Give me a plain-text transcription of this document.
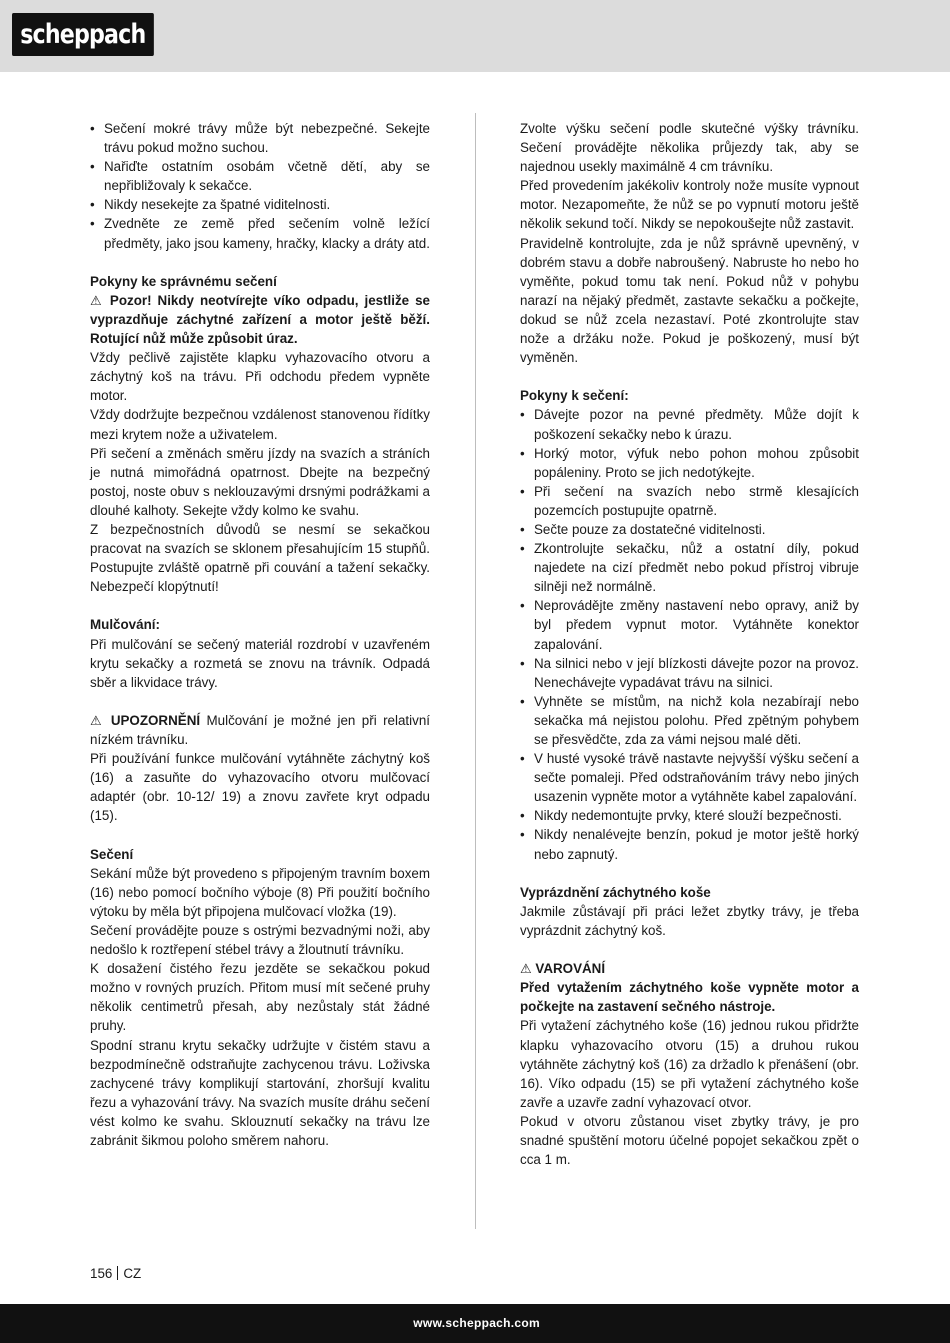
scheppach
• Sečení mokré trávy může být nebezpečné. Sekejte trávu pokud možno suchou.
• Nařiďte ostatním osobám včetně dětí, aby se nepřibližovaly k sekačce.
• Nikdy nesekejte za špatné viditelnosti.
• Zvedněte ze země před sečením volně ležící předměty, jako jsou kameny, hračky, klacky a dráty atd.

Pokyny ke správnému sečení

⚠ Pozor! Nikdy neotvírejte víko odpadu, jestliže se vyprazdňuje záchytné zařízení a motor ještě běží. Rotující nůž může způsobit úraz.

Vždy pečlivě zajistěte klapku vyhazovacího otvoru a záchytný koš na trávu. Při odchodu předem vypněte motor.

Vždy dodržujte bezpečnou vzdálenost stanovenou řídítky mezi krytem nože a uživatelem.

Při sečení a změnách směru jízdy na svazích a stráních je nutná mimořádná opatrnost. Dbejte na bezpečný postoj, noste obuv s neklouzavými drsnými podrážkami a dlouhé kalhoty. Sekejte vždy kolmo ke svahu.

Z bezpečnostních důvodů se nesmí se sekačkou pracovat na svazích se sklonem přesahujícím 15 stupňů. Postupujte zvláště opatrně při couvání a tažení sekačky. Nebezpečí klopýtnutí!

Mulčování:

Při mulčování se sečený materiál rozdrobí v uzavřeném krytu sekačky a rozmetá se znovu na trávník. Odpadá sběr a likvidace trávy.

⚠ UPOZORNĚNÍ Mulčování je možné jen při relativní nízkém trávníku.

Při používání funkce mulčování vytáhněte záchytný koš (16) a zasuňte do vyhazovacího otvoru mulčovací adaptér (obr. 10-12/ 19) a znovu zavřete kryt odpadu (15).

Sečení

Sekání může být provedeno s připojeným travním boxem (16) nebo pomocí bočního výboje (8) Při použití bočního výtoku by měla být připojena mulčovací vložka (19).

Sečení provádějte pouze s ostrými bezvadnými noži, aby nedošlo k roztřepení stébel trávy a žloutnutí trávníku.

K dosažení čistého řezu jezděte se sekačkou pokud možno v rovných pruzích. Přitom musí mít sečené pruhy několik centimetrů přesah, aby nezůstaly stát žádné pruhy.

Spodní stranu krytu sekačky udržujte v čistém stavu a bezpodmínečně odstraňujte zachycenou trávu. Loživska zachycené trávy komplikují startování, zhoršují kvalitu řezu a vyhazování trávy. Na svazích musíte dráhu sečení vést kolmo ke svahu. Sklouznutí sekačky na trávu lze zabránit šikmou poloho směrem nahoru.

Zvolte výšku sečení podle skutečné výšky trávníku. Sečení provádějte několika průjezdy tak, aby se najednou usekly maximálně 4 cm trávníku.

Před provedením jakékoliv kontroly nože musíte vypnout motor. Nezapomeňte, že nůž se po vypnutí motoru ještě několik sekund točí. Nikdy se nepokoušejte nůž zastavit.

Pravidelně kontrolujte, zda je nůž správně upevněný, v dobrém stavu a dobře nabroušený. Nabruste ho nebo ho vyměňte, pokud tomu tak není. Pokud nůž v pohybu narazí na nějaký předmět, zastavte sekačku a počkejte, dokud se nůž zcela nezastaví. Poté zkontrolujte stav nože a držáku nože. Pokud je poškozený, musí být vyměněn.

Pokyny k sečení:

• Dávejte pozor na pevné předměty. Může dojít k poškození sekačky nebo k úrazu.
• Horký motor, výfuk nebo pohon mohou způsobit popáleniny. Proto se jich nedotýkejte.
• Při sečení na svazích nebo strmě klesajících pozemcích postupujte opatrně.
• Sečte pouze za dostatečné viditelnosti.
• Zkontrolujte sekačku, nůž a ostatní díly, pokud najedete na cizí předmět nebo pokud přístroj vibruje silněji než normálně.
• Neprovádějte změny nastavení nebo opravy, aniž by byl předem vypnut motor. Vytáhněte konektor zapalování.
• Na silnici nebo v její blízkosti dávejte pozor na provoz. Nenechávejte vypadávat trávu na silnici.
• Vyhněte se místům, na nichž kola nezabírají nebo sekačka má nejistou polohu. Před zpětným pohybem se přesvědčte, zda za vámi nejsou malé děti.
• V husté vysoké trávě nastavte nejvyšší výšku sečení a sečte pomaleji. Před odstraňováním trávy nebo jiných usazenin vypněte motor a vytáhněte kabel zapalování.
• Nikdy nedemontujte prvky, které slouží bezpečnosti.
• Nikdy nenalévejte benzín, pokud je motor ještě horký nebo zapnutý.

Vyprázdnění záchytného koše

Jakmile zůstávají při práci ležet zbytky trávy, je třeba vyprázdnit záchytný koš.

⚠ VAROVÁNÍ

Před vytažením záchytného koše vypněte motor a počkejte na zastavení sečného nástroje.

Při vytažení záchytného koše (16) jednou rukou přidržte klapku vyhazovacího otvoru (15) a druhou rukou vytáhněte záchytný koš (16) za držadlo k přenášení (obr. 16). Víko odpadu (15) se při vytažení záchytného koše zavře a uzavře zadní vyhazovací otvor.

Pokud v otvoru zůstanou viset zbytky trávy, je pro snadné spuštění motoru účelné popojet sekačkou zpět o cca 1 m.

156 CZ
www.scheppach.com
